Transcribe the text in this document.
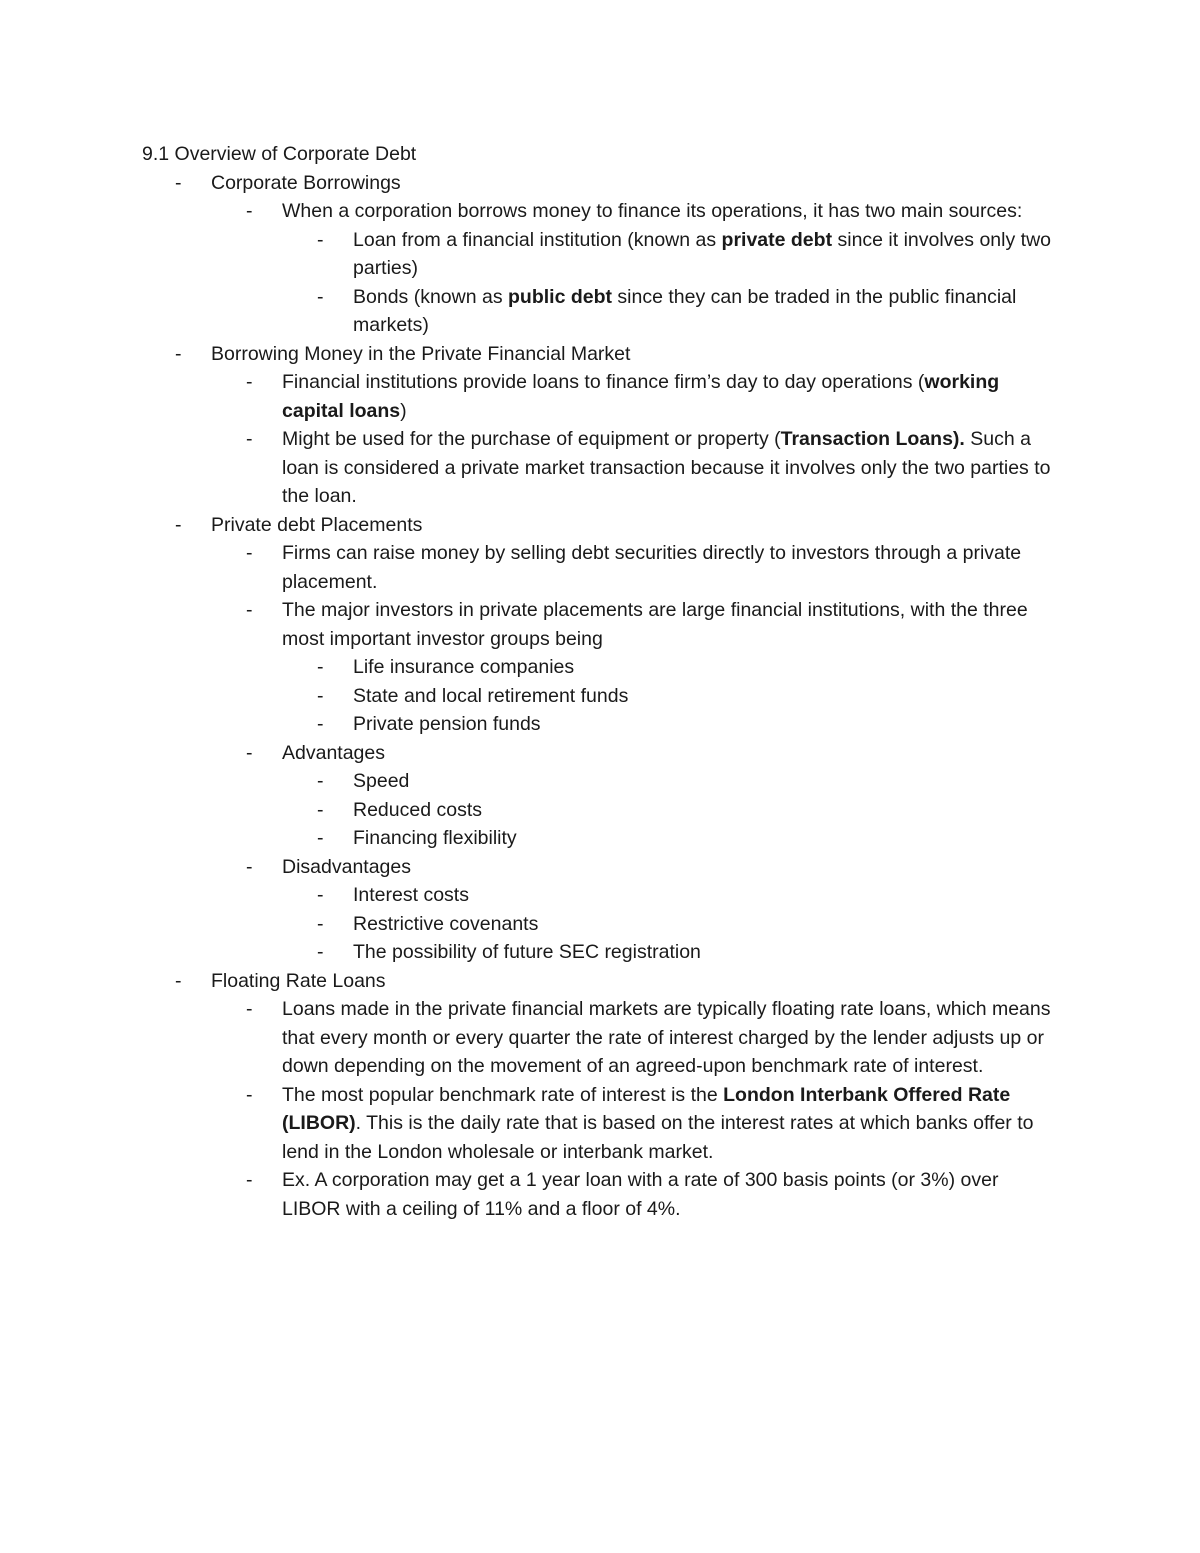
9.1 Overview of Corporate Debt
- Corporate Borrowings
- When a corporation borrows money to finance its operations, it has two main sources:
- Loan from a financial institution (known as private debt since it involves only two parties)
- Bonds (known as public debt since they can be traded in the public financial markets)
- Borrowing Money in the Private Financial Market
- Financial institutions provide loans to finance firm’s day to day operations (working capital loans)
- Might be used for the purchase of equipment or property (Transaction Loans). Such a loan is considered a private market transaction because it involves only the two parties to the loan.
- Private debt Placements
- Firms can raise money by selling debt securities directly to investors through a private placement.
- The major investors in private placements are large financial institutions, with the three most important investor groups being
- Life insurance companies
- State and local retirement funds
- Private pension funds
- Advantages
- Speed
- Reduced costs
- Financing flexibility
- Disadvantages
- Interest costs
- Restrictive covenants
- The possibility of future SEC registration
- Floating Rate Loans
- Loans made in the private financial markets are typically floating rate loans, which means that every month or every quarter the rate of interest charged by the lender adjusts up or down depending on the movement of an agreed-upon benchmark rate of interest.
- The most popular benchmark rate of interest is the London Interbank Offered Rate (LIBOR). This is the daily rate that is based on the interest rates at which banks offer to lend in the London wholesale or interbank market.
- Ex. A corporation may get a 1 year loan with a rate of 300 basis points (or 3%) over LIBOR with a ceiling of 11% and a floor of 4%.
